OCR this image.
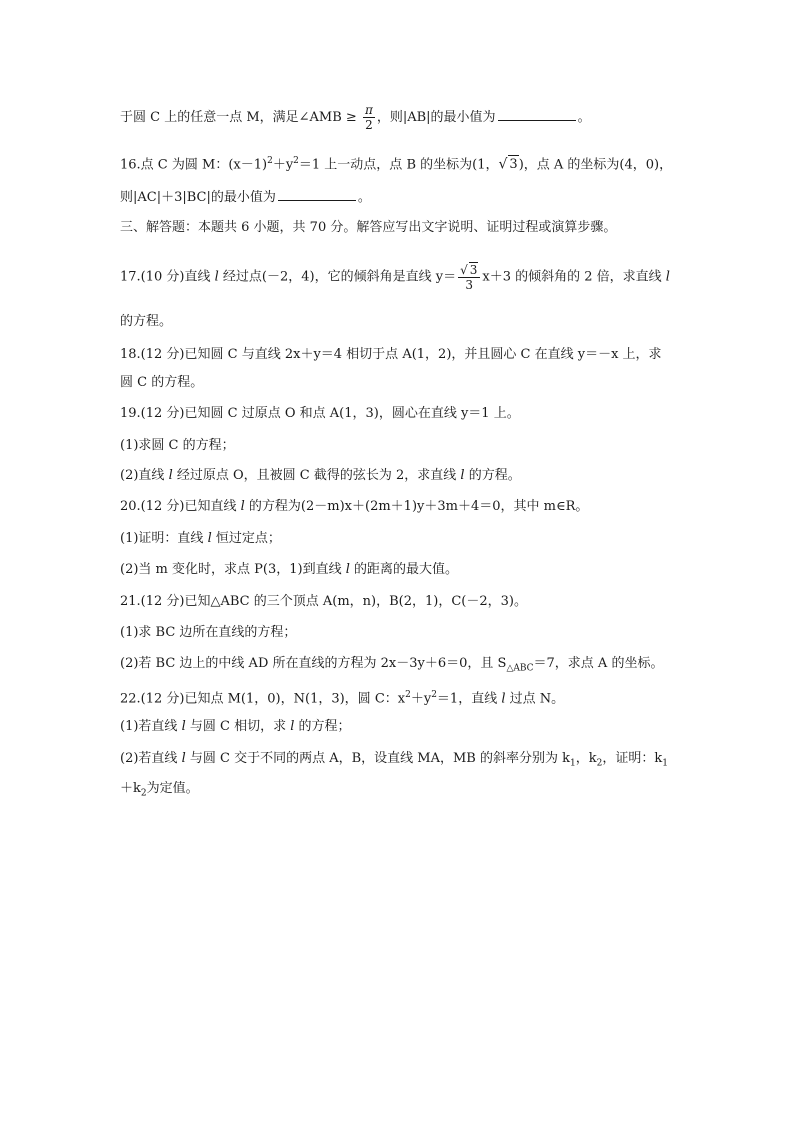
于圆 C 上的任意一点 M，满足∠AMB ≥ $\frac{\pi}{2}$ ，则|AB|的最小值为	。
16.点 C 为圆 M：$(x-1)^2+y^2=1$ 上一动点，点 B 的坐标为(1，√ 3)，点 A 的坐标为(4，0)，
则|AC|＋3|BC|的最小值为	。
三、解答题：本题共 6 小题，共 70 分。解答应写出文字说明、证明过程或演算步骤。
17.(10 分)直线 l 经过点(－2，4)，它的倾斜角是直线 $y= \frac{√ 3}{3} x+3$ 的倾斜角的 2 倍，求直线 l
的方程。
18.(12 分)已知圆 C 与直线 2x＋y＝4 相切于点 A(1，2)，并且圆心 C 在直线 y＝－x 上，求
圆 C 的方程。
19.(12 分)已知圆 C 过原点 O 和点 A(1，3)，圆心在直线 y＝1 上。
(1)求圆 C 的方程；
(2)直线 l 经过原点 O，且被圆 C 截得的弦长为 2，求直线 l 的方程。
20.(12 分)已知直线 l 的方程为(2－m)x＋(2m＋1)y＋3m＋4＝0，其中 m∈R。
(1)证明：直线 l 恒过定点；
(2)当 m 变化时，求点 P(3，1)到直线 l 的距离的最大值。
21.(12 分)已知△ABC 的三个顶点 A(m，n)，B(2，1)，C(－2，3)。
(1)求 BC 边所在直线的方程；
(2)若 BC 边上的中线 AD 所在直线的方程为 2x－3y＋6＝0，且 $S_{\triangle ABC}=7$，求点 A 的坐标。
22.(12 分)已知点 M(1，0)，N(1，3)，圆 C：$x^2+y^2=1$，直线 l 过点 N。
(1)若直线 l 与圆 C 相切，求 l 的方程；
(2)若直线 l 与圆 C 交于不同的两点 A，B，设直线 MA，MB 的斜率分别为 $k_1$，$k_2$，证明：$k_1$
$+k_2$为定值。
